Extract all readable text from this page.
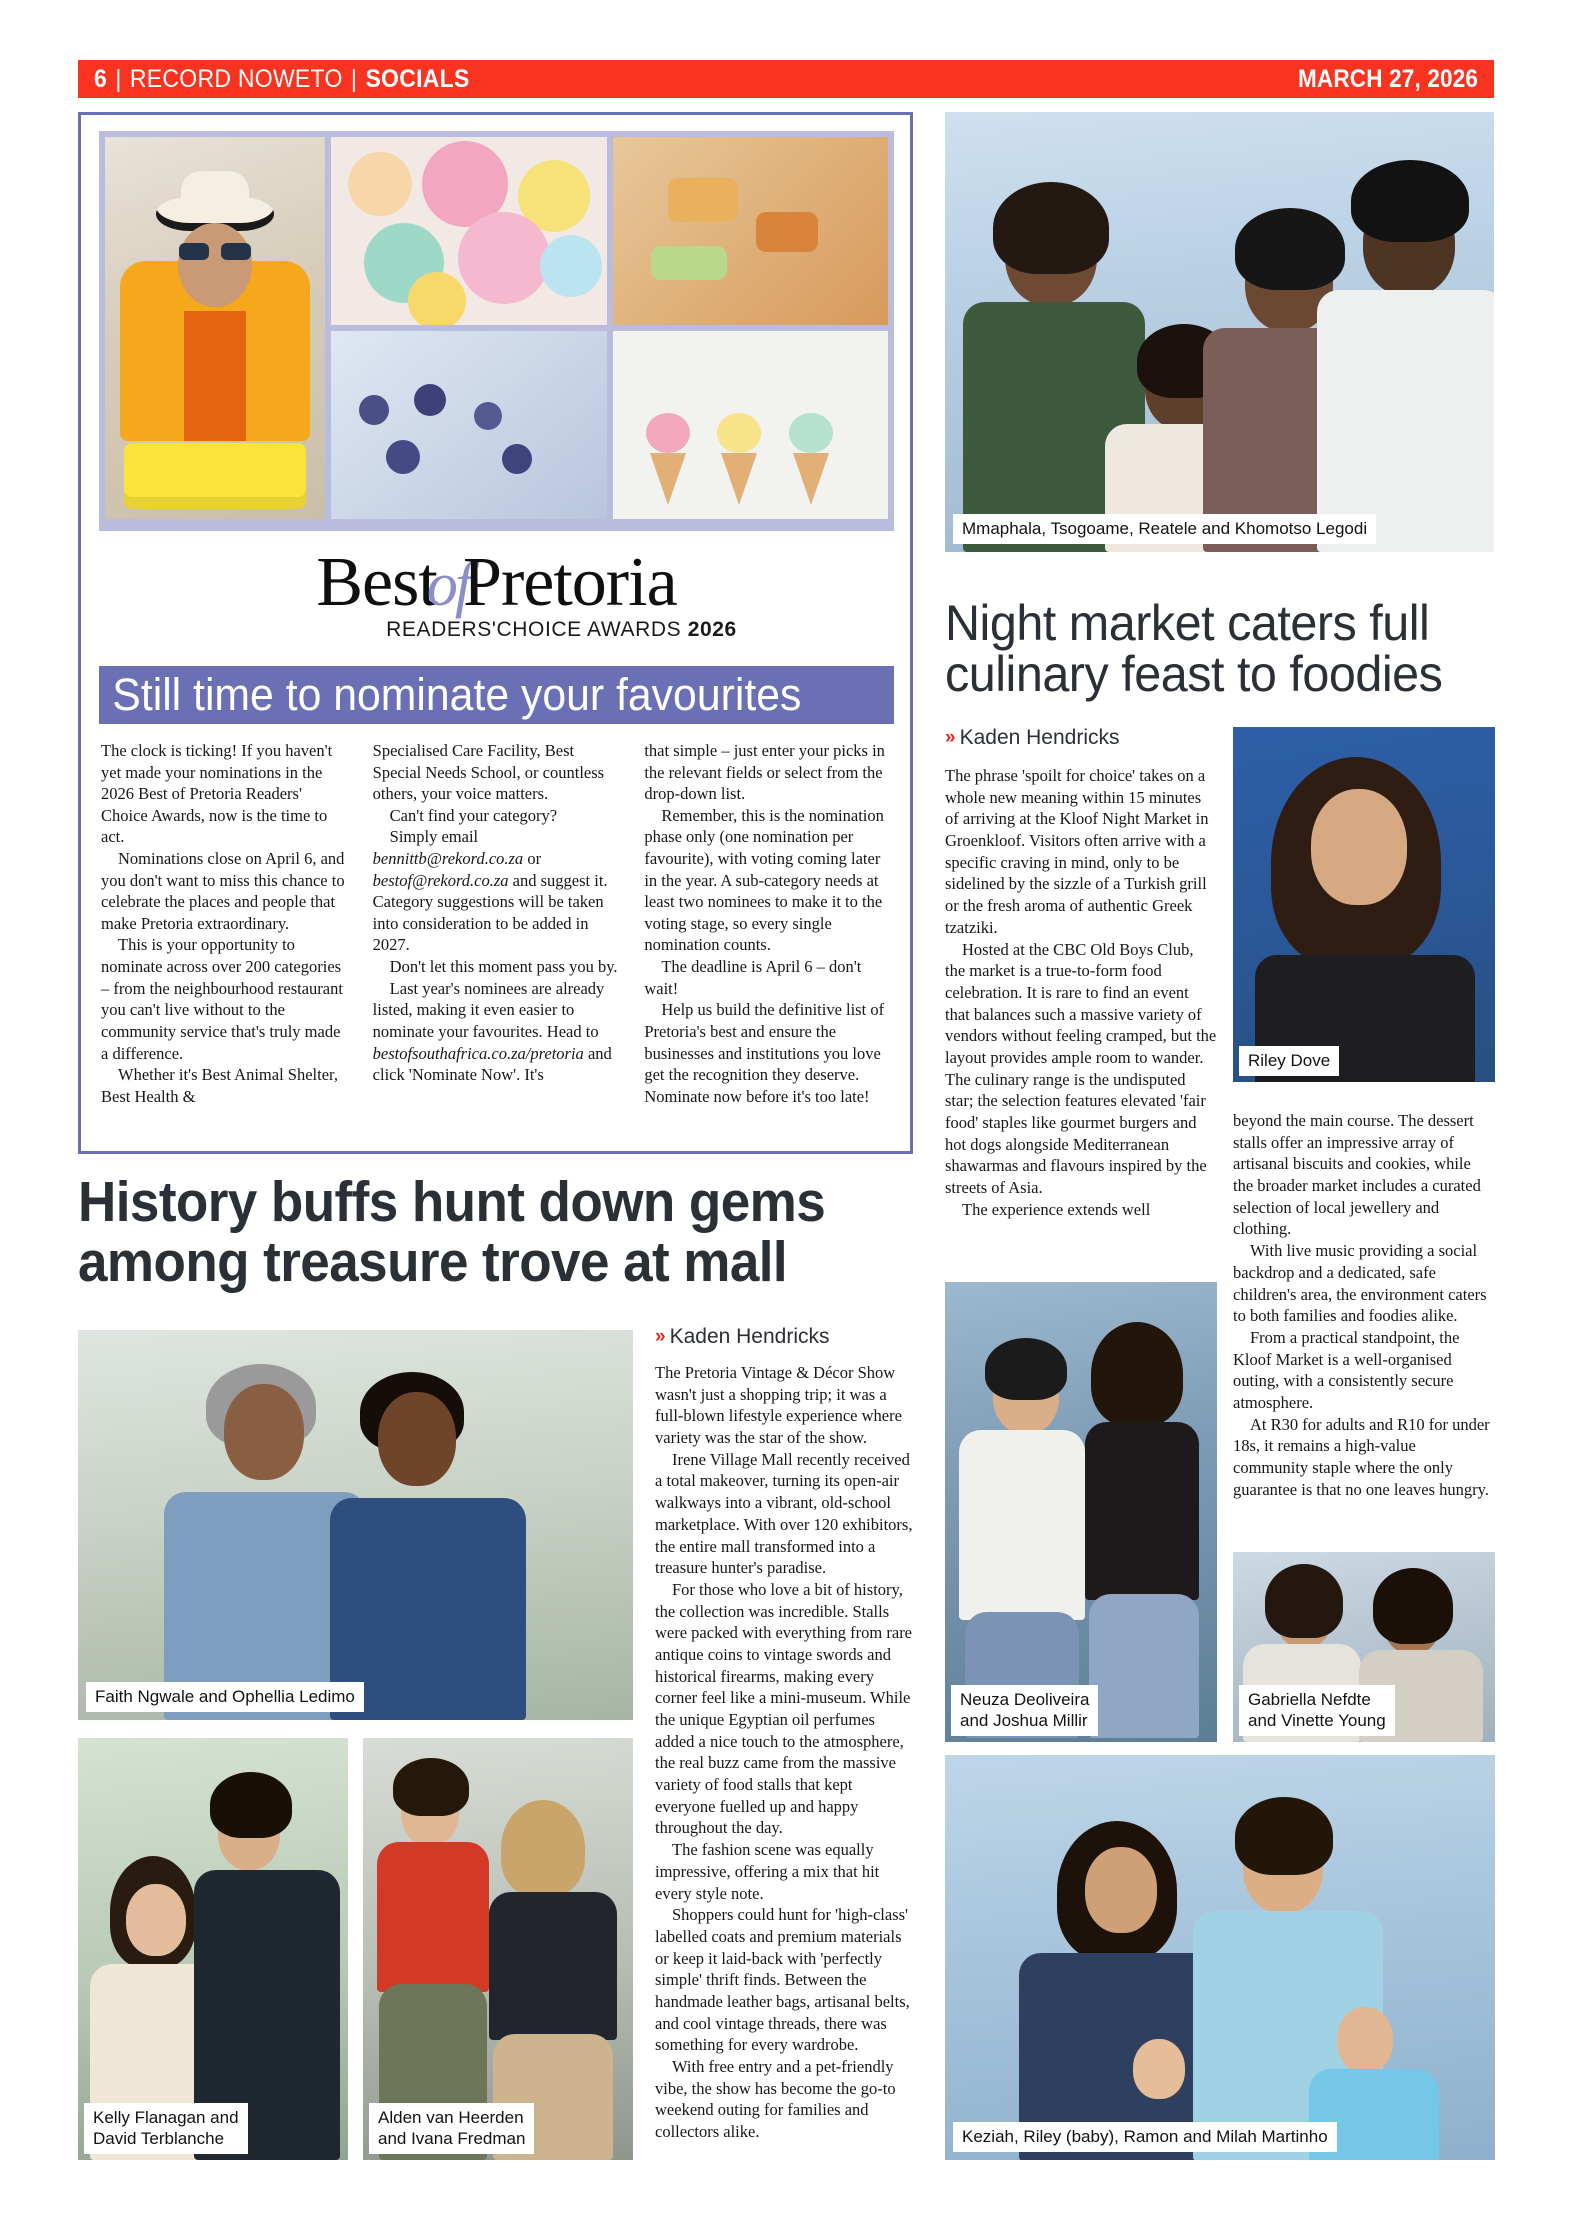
6 | RECORD NOWETO | SOCIALS	MARCH 27, 2026
BestofPretoria
READERS'CHOICE AWARDS 2026
Still time to nominate your favourites

The clock is ticking! If you haven't yet made your nominations in the 2026 Best of Pretoria Readers' Choice Awards, now is the time to act.

Nominations close on April 6, and you don't want to miss this chance to celebrate the places and people that make Pretoria extraordinary.

This is your opportunity to nominate across over 200 categories – from the neighbourhood restaurant you can't live without to the community service that's truly made a difference.

Whether it's Best Animal Shelter, Best Health &

Specialised Care Facility, Best Special Needs School, or countless others, your voice matters.

Can't find your category?

Simply email bennittb@rekord.co.za or bestof@rekord.co.za and suggest it. Category suggestions will be taken into consideration to be added in 2027.

Don't let this moment pass you by.

Last year's nominees are already listed, making it even easier to nominate your favourites. Head to bestofsouthafrica.co.za/pretoria and click 'Nominate Now'. It's

that simple – just enter your picks in the relevant fields or select from the drop-down list.

Remember, this is the nomination phase only (one nomination per favourite), with voting coming later in the year. A sub-category needs at least two nominees to make it to the voting stage, so every single nomination counts.

The deadline is April 6 – don't wait!

Help us build the definitive list of Pretoria's best and ensure the businesses and institutions you love get the recognition they deserve. Nominate now before it's too late!

Mmaphala, Tsogoame, Reatele and Khomotso Legodi
Night market caters full culinary feast to foodies
» Kaden Hendricks
Riley Dove

The phrase 'spoilt for choice' takes on a whole new meaning within 15 minutes of arriving at the Kloof Night Market in Groenkloof. Visitors often arrive with a specific craving in mind, only to be sidelined by the sizzle of a Turkish grill or the fresh aroma of authentic Greek tzatziki.

Hosted at the CBC Old Boys Club, the market is a true-to-form food celebration. It is rare to find an event that balances such a massive variety of vendors without feeling cramped, but the layout provides ample room to wander. The culinary range is the undisputed star; the selection features elevated 'fair food' staples like gourmet burgers and hot dogs alongside Mediterranean shawarmas and flavours inspired by the streets of Asia.

The experience extends well

beyond the main course. The dessert stalls offer an impressive array of artisanal biscuits and cookies, while the broader market includes a curated selection of local jewellery and clothing.

With live music providing a social backdrop and a dedicated, safe children's area, the environment caters to both families and foodies alike.

From a practical standpoint, the Kloof Market is a well-organised outing, with a consistently secure atmosphere.

At R30 for adults and R10 for under 18s, it remains a high-value community staple where the only guarantee is that no one leaves hungry.

Neuza Deoliveira
and Joshua Millir
Gabriella Nefdte
and Vinette Young
Keziah, Riley (baby), Ramon and Milah Martinho
History buffs hunt down gems among treasure trove at mall
» Kaden Hendricks
Faith Ngwale and Ophellia Ledimo

The Pretoria Vintage & Décor Show wasn't just a shopping trip; it was a full-blown lifestyle experience where variety was the star of the show.

Irene Village Mall recently received a total makeover, turning its open-air walkways into a vibrant, old-school marketplace. With over 120 exhibitors, the entire mall transformed into a treasure hunter's paradise.

For those who love a bit of history, the collection was incredible. Stalls were packed with everything from rare antique coins to vintage swords and historical firearms, making every corner feel like a mini-museum. While the unique Egyptian oil perfumes added a nice touch to the atmosphere, the real buzz came from the massive variety of food stalls that kept everyone fuelled up and happy throughout the day.

The fashion scene was equally impressive, offering a mix that hit every style note.

Shoppers could hunt for 'high-class' labelled coats and premium materials or keep it laid-back with 'perfectly simple' thrift finds. Between the handmade leather bags, artisanal belts, and cool vintage threads, there was something for every wardrobe.

With free entry and a pet-friendly vibe, the show has become the go-to weekend outing for families and collectors alike.

Kelly Flanagan and
David Terblanche
Alden van Heerden
and Ivana Fredman
